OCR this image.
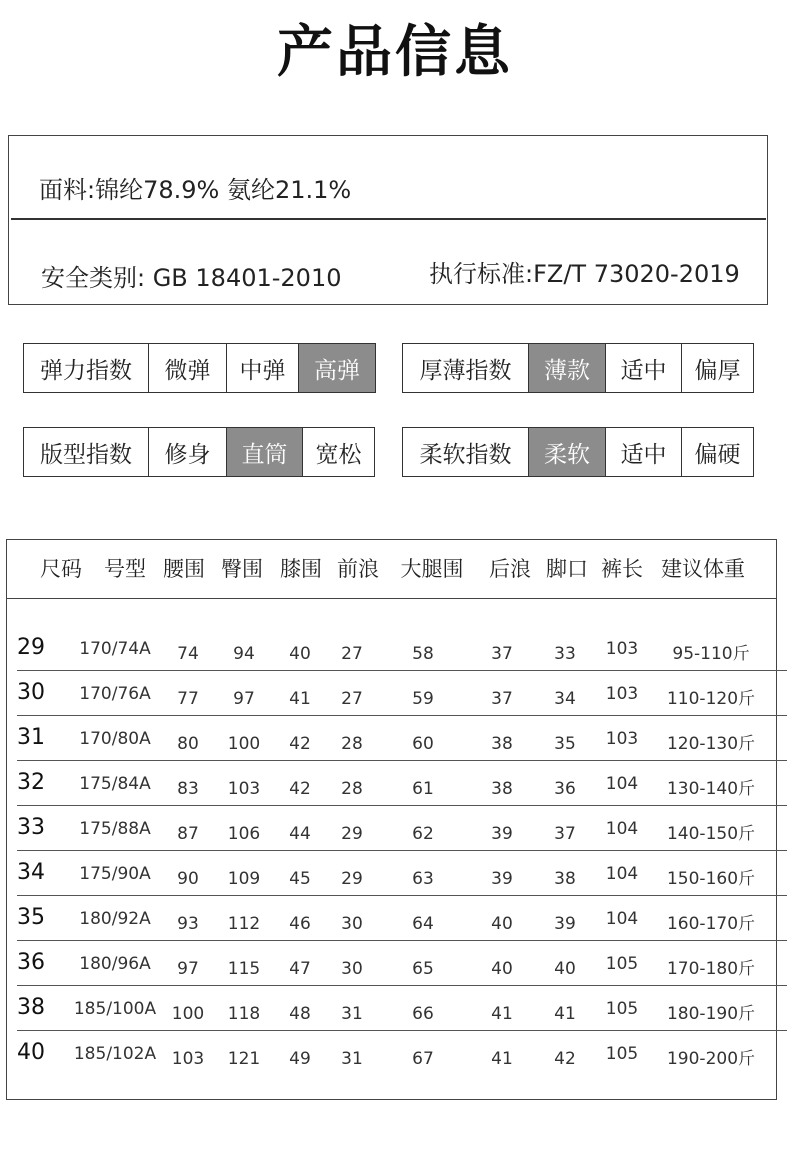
产品信息
面料:锦纶78.9% 氨纶21.1%
安全类别: GB 18401-2010	执行标准:FZ/T 73020-2019
弹力指数	微弹	中弹	高弹	厚薄指数	薄款	适中	偏厚
版型指数	修身	直筒	宽松	柔软指数	柔软	适中	偏硬
尺码 号型 腰围 臀围 膝围 前浪 大腿围 后浪 脚口 裤长 建议体重
29 170/74A 74 94 40 27	58	37 33 103 95-110斤
30 170/76A 77 97 41 27	59	37 34 103 110-120斤
31 170/80A 80 100 42 28	60	38 35 103 120-130斤
32 175/84A 83 103 42 28	61	38 36 104 130-140斤
33 175/88A 87 106 44 29	62	39 37 104 140-150斤
34 175/90A 90 109 45 29	63	39 38 104 150-160斤
35 180/92A 93 112 46 30	64	40 39 104 160-170斤
36 180/96A 97 115 47 30	65	40 40 105 170-180斤
38 185/100A 100 118 48 31	66	41 41 105 180-190斤
40 185/102A 103 121 49 31	67	41 42 105 190-200斤
